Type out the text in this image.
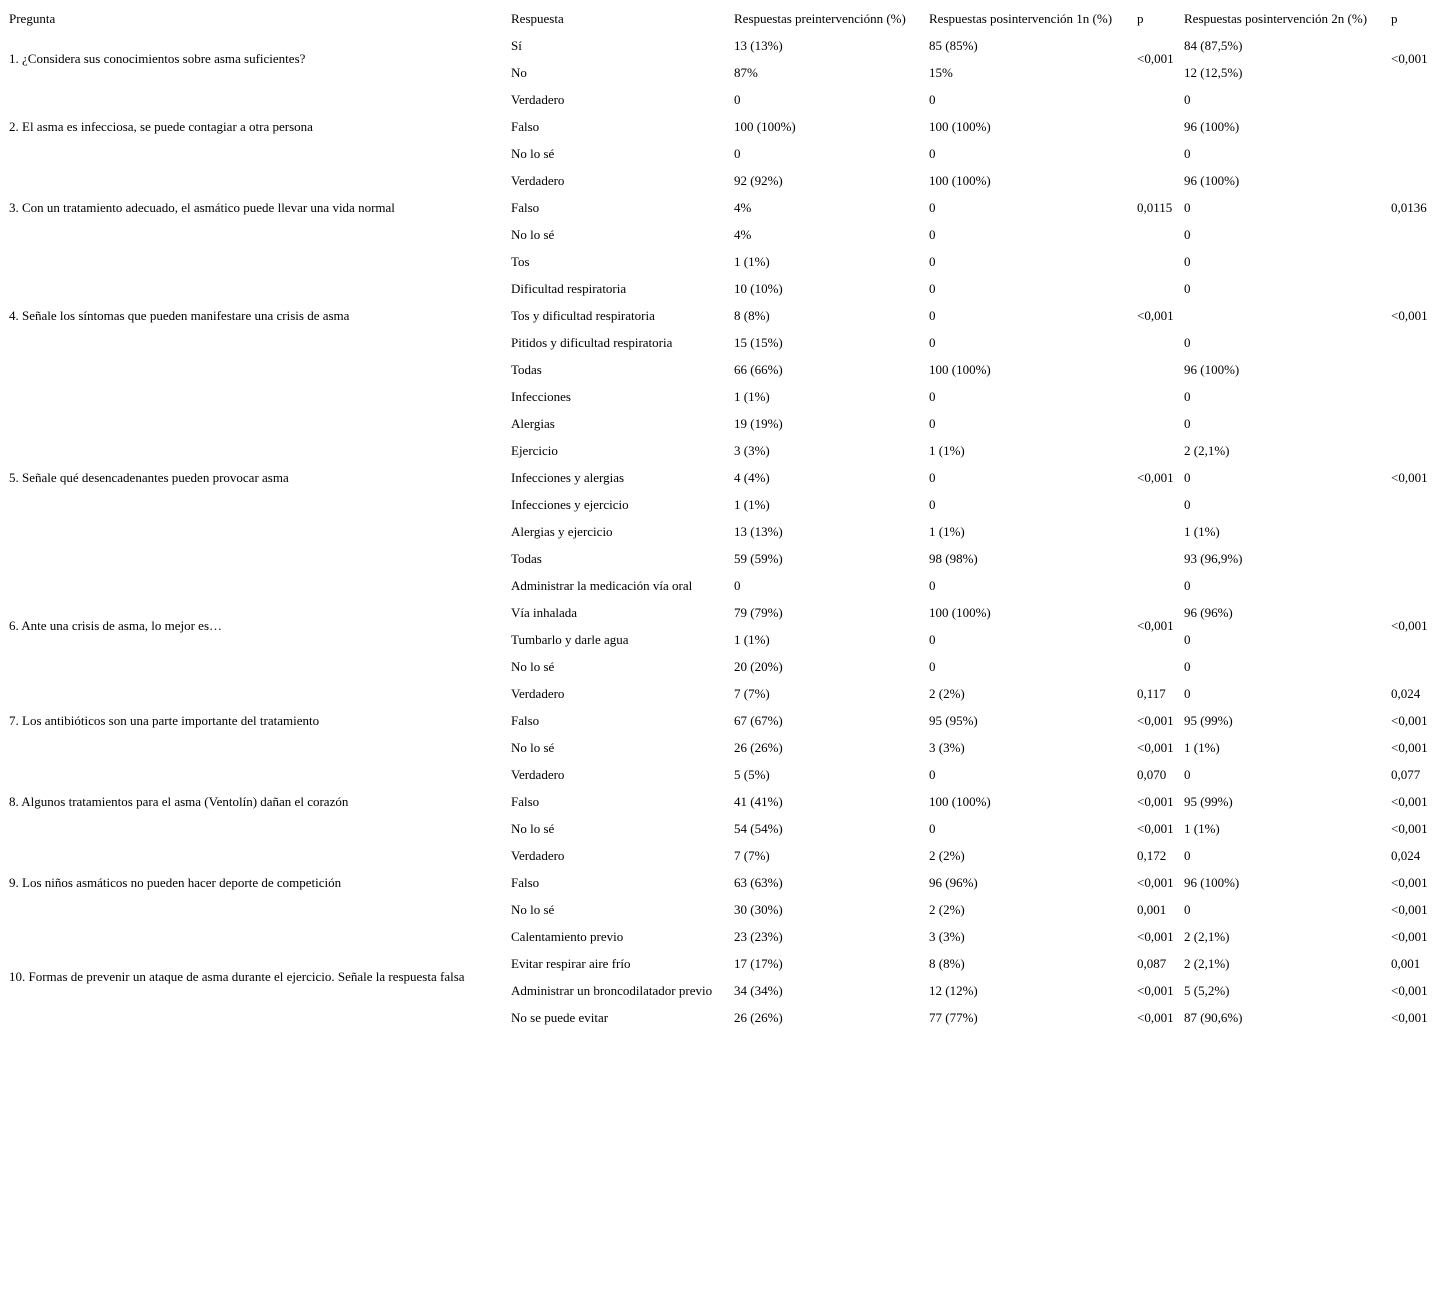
Pregunta	Respuesta	Respuestas preintervenciónn (%)	Respuestas posintervención 1n (%)	p	Respuestas posintervención 2n (%)	p
1. ¿Considera sus conocimientos sobre asma suficientes?	Sí	13 (13%)	85 (85%)	<0,001	84 (87,5%)	<0,001
	No	87%	15%		12 (12,5%)	
2. El asma es infecciosa, se puede contagiar a otra persona	Verdadero	0	0		0	
	Falso	100 (100%)	100 (100%)		96 (100%)	
	No lo sé	0	0		0	
3. Con un tratamiento adecuado, el asmático puede llevar una vida normal	Verdadero	92 (92%)	100 (100%)	0,0115	96 (100%)	0,0136
	Falso	4%	0		0	
	No lo sé	4%	0		0	
4. Señale los síntomas que pueden manifestare una crisis de asma	Tos	1 (1%)	0	<0,001	0	<0,001
	Dificultad respiratoria	10 (10%)	0		0	
	Tos y dificultad respiratoria	8 (8%)	0			
	Pitidos y dificultad respiratoria	15 (15%)	0		0	
	Todas	66 (66%)	100 (100%)		96 (100%)	
5. Señale qué desencadenantes pueden provocar asma	Infecciones	1 (1%)	0	<0,001	0	<0,001
	Alergias	19 (19%)	0		0	
	Ejercicio	3 (3%)	1 (1%)		2 (2,1%)	
	Infecciones y alergias	4 (4%)	0		0	
	Infecciones y ejercicio	1 (1%)	0		0	
	Alergias y ejercicio	13 (13%)	1 (1%)		1 (1%)	
	Todas	59 (59%)	98 (98%)		93 (96,9%)	
6. Ante una crisis de asma, lo mejor es…	Administrar la medicación vía oral	0	0	<0,001	0	<0,001
	Vía inhalada	79 (79%)	100 (100%)		96 (96%)	
	Tumbarlo y darle agua	1 (1%)	0		0	
	No lo sé	20 (20%)	0		0	
7. Los antibióticos son una parte importante del tratamiento	Verdadero	7 (7%)	2 (2%)	0,117	0	0,024
	Falso	67 (67%)	95 (95%)	<0,001	95 (99%)	<0,001
	No lo sé	26 (26%)	3 (3%)	<0,001	1 (1%)	<0,001
8. Algunos tratamientos para el asma (Ventolín) dañan el corazón	Verdadero	5 (5%)	0	0,070	0	0,077
	Falso	41 (41%)	100 (100%)	<0,001	95 (99%)	<0,001
	No lo sé	54 (54%)	0	<0,001	1 (1%)	<0,001
9. Los niños asmáticos no pueden hacer deporte de competición	Verdadero	7 (7%)	2 (2%)	0,172	0	0,024
	Falso	63 (63%)	96 (96%)	<0,001	96 (100%)	<0,001
	No lo sé	30 (30%)	2 (2%)	0,001	0	<0,001
10. Formas de prevenir un ataque de asma durante el ejercicio. Señale la respuesta falsa	Calentamiento previo	23 (23%)	3 (3%)	<0,001	2 (2,1%)	<0,001
	Evitar respirar aire frío	17 (17%)	8 (8%)	0,087	2 (2,1%)	0,001
	Administrar un broncodilatador previo	34 (34%)	12 (12%)	<0,001	5 (5,2%)	<0,001
	No se puede evitar	26 (26%)	77 (77%)	<0,001	87 (90,6%)	<0,001
